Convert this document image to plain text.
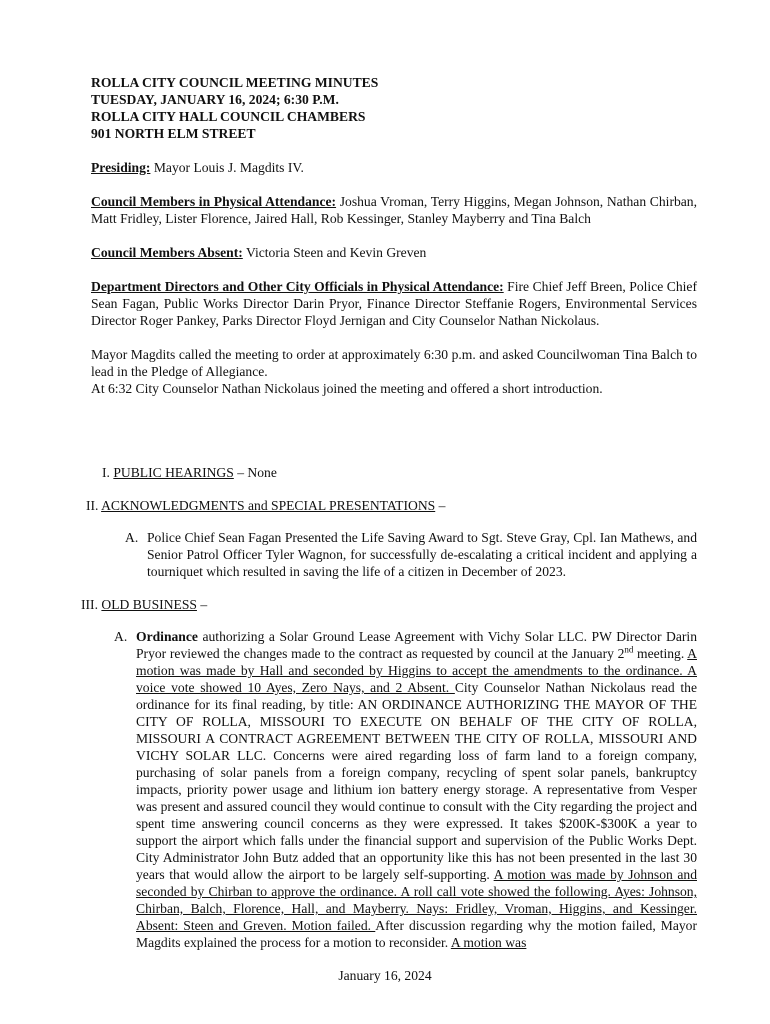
ROLLA CITY COUNCIL MEETING MINUTES
TUESDAY, JANUARY 16, 2024; 6:30 P.M.
ROLLA CITY HALL COUNCIL CHAMBERS
901 NORTH ELM STREET
Presiding: Mayor Louis J. Magdits IV.
Council Members in Physical Attendance: Joshua Vroman, Terry Higgins, Megan Johnson, Nathan Chirban, Matt Fridley, Lister Florence, Jaired Hall, Rob Kessinger, Stanley Mayberry and Tina Balch
Council Members Absent: Victoria Steen and Kevin Greven
Department Directors and Other City Officials in Physical Attendance: Fire Chief Jeff Breen, Police Chief Sean Fagan, Public Works Director Darin Pryor, Finance Director Steffanie Rogers, Environmental Services Director Roger Pankey, Parks Director Floyd Jernigan and City Counselor Nathan Nickolaus.
Mayor Magdits called the meeting to order at approximately 6:30 p.m. and asked Councilwoman Tina Balch to lead in the Pledge of Allegiance.
At 6:32 City Counselor Nathan Nickolaus joined the meeting and offered a short introduction.
I. PUBLIC HEARINGS – None
II. ACKNOWLEDGMENTS and SPECIAL PRESENTATIONS –
A. Police Chief Sean Fagan Presented the Life Saving Award to Sgt. Steve Gray, Cpl. Ian Mathews, and Senior Patrol Officer Tyler Wagnon, for successfully de-escalating a critical incident and applying a tourniquet which resulted in saving the life of a citizen in December of 2023.
III. OLD BUSINESS –
A. Ordinance authorizing a Solar Ground Lease Agreement with Vichy Solar LLC. PW Director Darin Pryor reviewed the changes made to the contract as requested by council at the January 2nd meeting. A motion was made by Hall and seconded by Higgins to accept the amendments to the ordinance. A voice vote showed 10 Ayes, Zero Nays, and 2 Absent. City Counselor Nathan Nickolaus read the ordinance for its final reading, by title: AN ORDINANCE AUTHORIZING THE MAYOR OF THE CITY OF ROLLA, MISSOURI TO EXECUTE ON BEHALF OF THE CITY OF ROLLA, MISSOURI A CONTRACT AGREEMENT BETWEEN THE CITY OF ROLLA, MISSOURI AND VICHY SOLAR LLC. Concerns were aired regarding loss of farm land to a foreign company, purchasing of solar panels from a foreign company, recycling of spent solar panels, bankruptcy impacts, priority power usage and lithium ion battery energy storage. A representative from Vesper was present and assured council they would continue to consult with the City regarding the project and spent time answering council concerns as they were expressed. It takes $200K-$300K a year to support the airport which falls under the financial support and supervision of the Public Works Dept. City Administrator John Butz added that an opportunity like this has not been presented in the last 30 years that would allow the airport to be largely self-supporting. A motion was made by Johnson and seconded by Chirban to approve the ordinance. A roll call vote showed the following. Ayes: Johnson, Chirban, Balch, Florence, Hall, and Mayberry. Nays: Fridley, Vroman, Higgins, and Kessinger. Absent: Steen and Greven. Motion failed. After discussion regarding why the motion failed, Mayor Magdits explained the process for a motion to reconsider. A motion was
January 16, 2024
